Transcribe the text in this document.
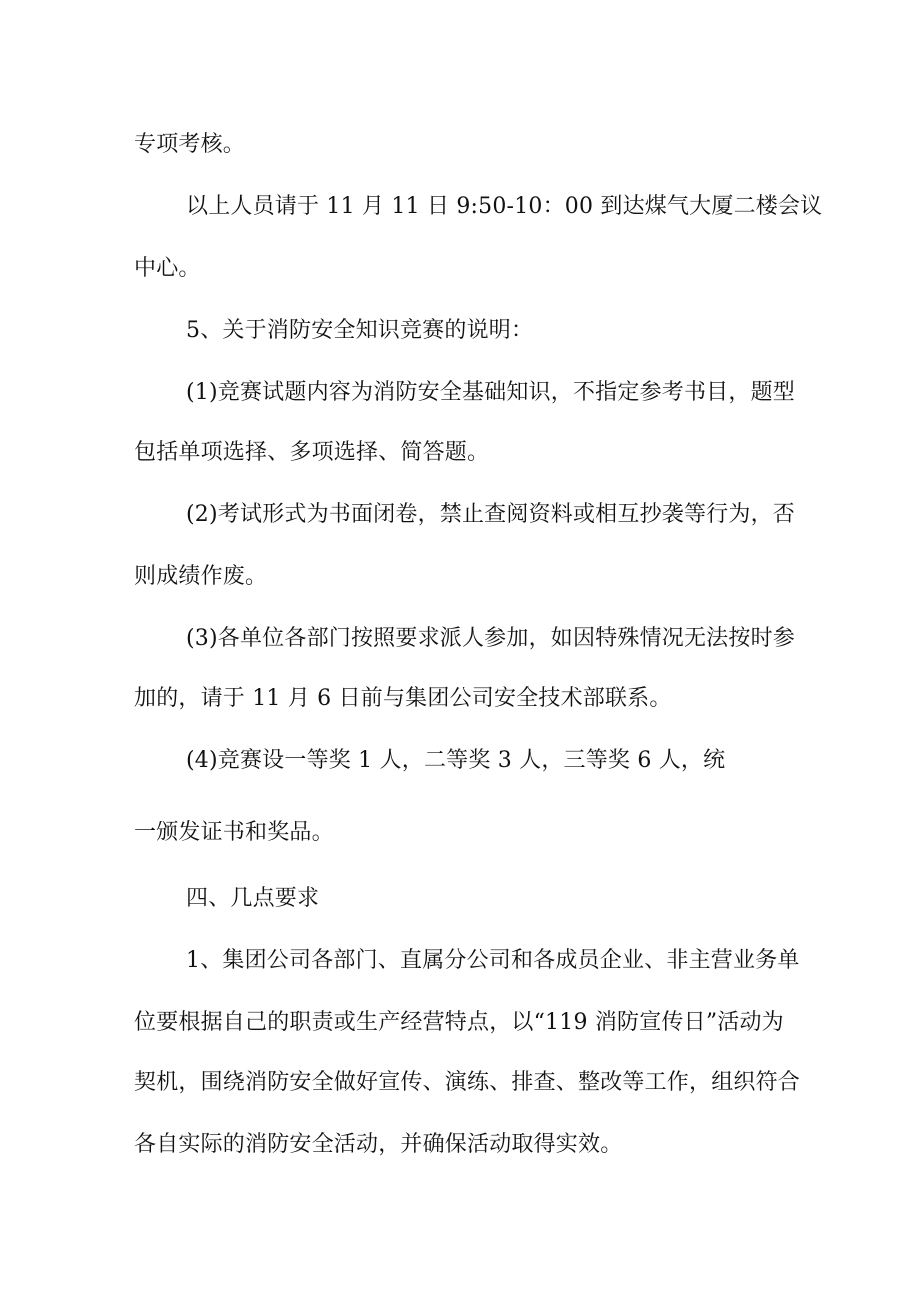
专项考核。
以上人员请于 11 月 11 日 9:50-10：00 到达煤气大厦二楼会议
中心。
5、关于消防安全知识竞赛的说明：
(1)竞赛试题内容为消防安全基础知识，不指定参考书目，题型
包括单项选择、多项选择、简答题。
(2)考试形式为书面闭卷，禁止查阅资料或相互抄袭等行为，否
则成绩作废。
(3)各单位各部门按照要求派人参加，如因特殊情况无法按时参
加的，请于 11 月 6 日前与集团公司安全技术部联系。
(4)竞赛设一等奖 1 人，二等奖 3 人，三等奖 6 人，统
一颁发证书和奖品。
四、几点要求
1、集团公司各部门、直属分公司和各成员企业、非主营业务单
位要根据自己的职责或生产经营特点，以“119 消防宣传日”活动为
契机，围绕消防安全做好宣传、演练、排查、整改等工作，组织符合
各自实际的消防安全活动，并确保活动取得实效。
